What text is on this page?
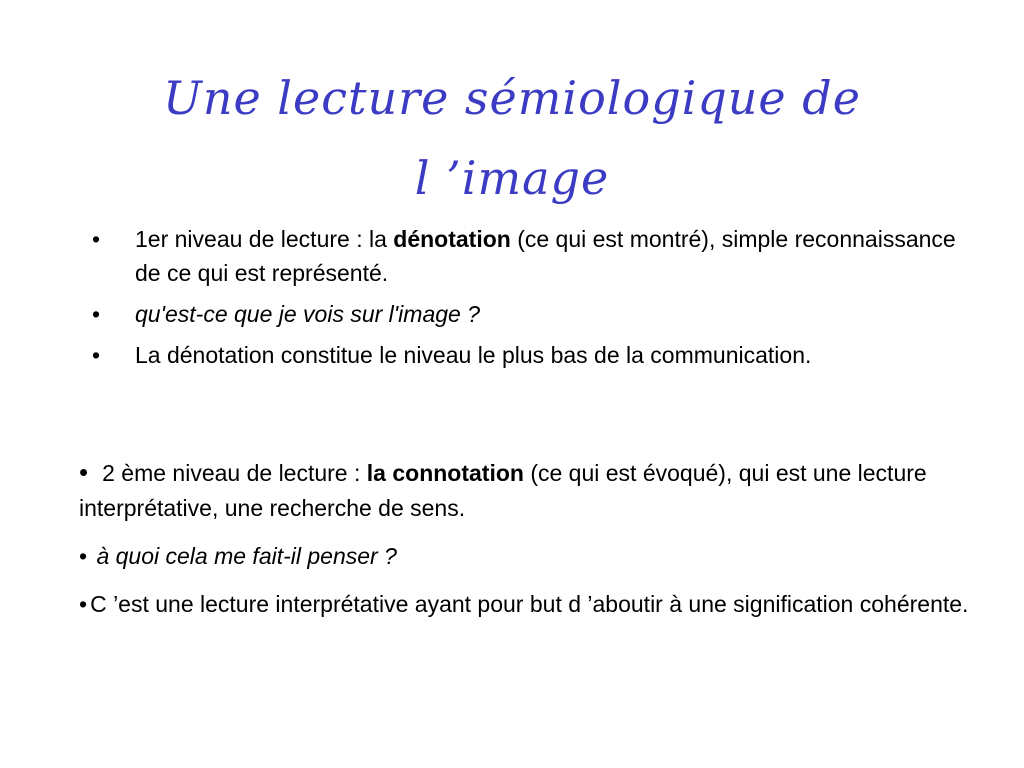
Une lecture sémiologique de
l ’image
•	1er niveau de lecture : la dénotation (ce qui est montré), simple reconnaissance de ce qui est représenté.
•	qu'est-ce que je vois sur l'image ?
•	La dénotation constitue le niveau le plus bas de la communication.
• 2 ème niveau de lecture : la connotation (ce qui est évoqué), qui est une lecture interprétative, une recherche de sens.
• à quoi cela me fait-il penser ?
• C ’est une lecture interprétative ayant pour but d ’aboutir à une signification cohérente.
